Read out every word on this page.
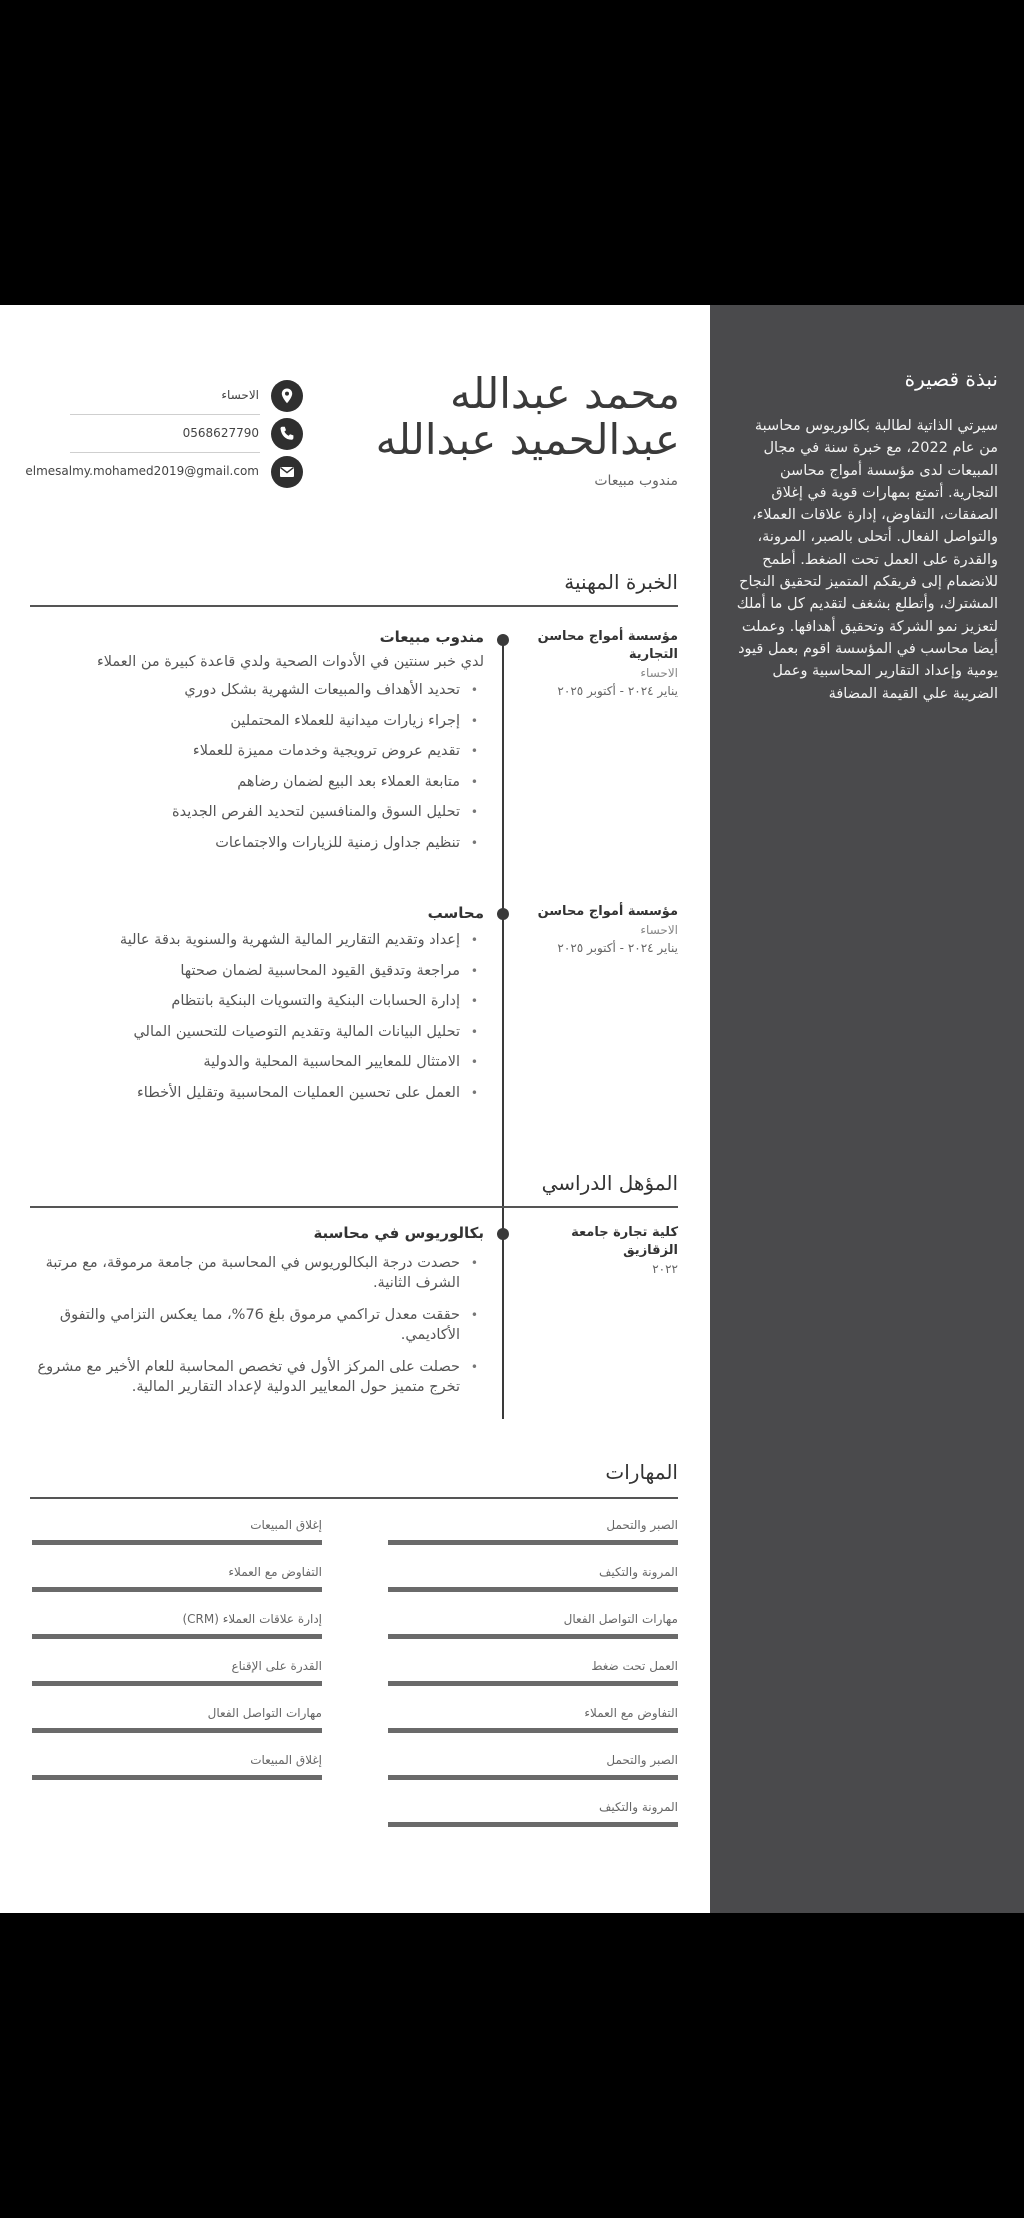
نبذة قصيرة

سيرتي الذاتية لطالبة بكالوريوس محاسبة من عام 2022، مع خبرة سنة في مجال المبيعات لدى مؤسسة أمواج محاسن التجارية. أتمتع بمهارات قوية في إغلاق الصفقات، التفاوض، إدارة علاقات العملاء، والتواصل الفعال. أتحلى بالصبر، المرونة، والقدرة على العمل تحت الضغط. أطمح للانضمام إلى فريقكم المتميز لتحقيق النجاح المشترك، وأتطلع بشغف لتقديم كل ما أملك لتعزيز نمو الشركة وتحقيق أهدافها. وعملت أيضا محاسب في المؤسسة اقوم بعمل قيود يومية وإعداد التقارير المحاسبية وعمل الضريبة علي القيمة المضافة

محمد عبدالله
عبدالحميد عبدالله
مندوب مبيعات
الاحساء
0568627790
elmesalmy.mohamed2019@gmail.com
الخبرة المهنية
مؤسسة أمواج محاسن التجارية
الاحساء
يناير ٢٠٢٤ - أكتوبر ٢٠٢٥
مندوب مبيعات
لدي خبر سنتين في الأدوات الصحية ولدي قاعدة كبيرة من العملاء
• تحديد الأهداف والمبيعات الشهرية بشكل دوري
• إجراء زيارات ميدانية للعملاء المحتملين
• تقديم عروض ترويجية وخدمات مميزة للعملاء
• متابعة العملاء بعد البيع لضمان رضاهم
• تحليل السوق والمنافسين لتحديد الفرص الجديدة
• تنظيم جداول زمنية للزيارات والاجتماعات
مؤسسة أمواج محاسن
الاحساء
يناير ٢٠٢٤ - أكتوبر ٢٠٢٥
محاسب
• إعداد وتقديم التقارير المالية الشهرية والسنوية بدقة عالية
• مراجعة وتدقيق القيود المحاسبية لضمان صحتها
• إدارة الحسابات البنكية والتسويات البنكية بانتظام
• تحليل البيانات المالية وتقديم التوصيات للتحسين المالي
• الامتثال للمعايير المحاسبية المحلية والدولية
• العمل على تحسين العمليات المحاسبية وتقليل الأخطاء
المؤهل الدراسي
كلية تجارة جامعة الزقازيق
٢٠٢٢
بكالوريوس في محاسبة
• حصدت درجة البكالوريوس في المحاسبة من جامعة مرموقة، مع مرتبة الشرف الثانية.
• حققت معدل تراكمي مرموق بلغ 76%، مما يعكس التزامي والتفوق الأكاديمي.
• حصلت على المركز الأول في تخصص المحاسبة للعام الأخير مع مشروع تخرج متميز حول المعايير الدولية لإعداد التقارير المالية.
المهارات
الصبر والتحمل
المرونة والتكيف
مهارات التواصل الفعال
العمل تحت ضغط
التفاوض مع العملاء
الصبر والتحمل
المرونة والتكيف
إغلاق المبيعات
التفاوض مع العملاء
إدارة علاقات العملاء (CRM)
القدرة على الإقناع
مهارات التواصل الفعال
إغلاق المبيعات
